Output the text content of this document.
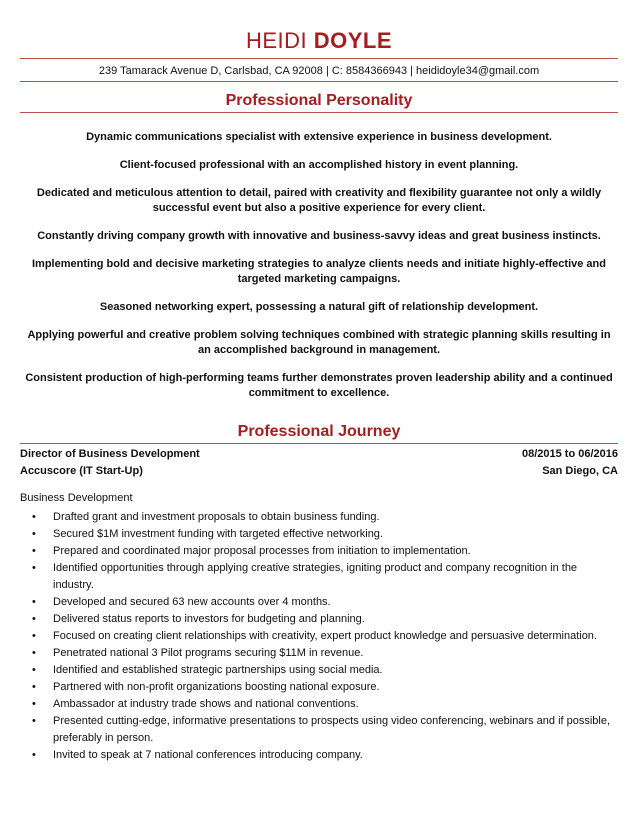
HEIDI DOYLE
239 Tamarack Avenue D, Carlsbad, CA 92008 | C: 8584366943 | heididoyle34@gmail.com
Professional Personality

Dynamic communications specialist with extensive experience in business development.

Client-focused professional with an accomplished history in event planning.

Dedicated and meticulous attention to detail, paired with creativity and flexibility guarantee not only a wildly successful event but also a positive experience for every client.

Constantly driving company growth with innovative and business-savvy ideas and great business instincts.

Implementing bold and decisive marketing strategies to analyze clients needs and initiate highly-effective and targeted marketing campaigns.

Seasoned networking expert, possessing a natural gift of relationship development.

Applying powerful and creative problem solving techniques combined with strategic planning skills resulting in an accomplished background in management.

Consistent production of high-performing teams further demonstrates proven leadership ability and a continued commitment to excellence.

Professional Journey
Director of Business Development	08/2015 to 06/2016
Accuscore (IT Start-Up)	San Diego, CA
Business Development
• Drafted grant and investment proposals to obtain business funding.
• Secured $1M investment funding with targeted effective networking.
• Prepared and coordinated major proposal processes from initiation to implementation.
• Identified opportunities through applying creative strategies, igniting product and company recognition in the industry.
• Developed and secured 63 new accounts over 4 months.
• Delivered status reports to investors for budgeting and planning.
• Focused on creating client relationships with creativity, expert product knowledge and persuasive determination.
• Penetrated national 3 Pilot programs securing $11M in revenue.
• Identified and established strategic partnerships using social media.
• Partnered with non-profit organizations boosting national exposure.
• Ambassador at industry trade shows and national conventions.
• Presented cutting-edge, informative presentations to prospects using video conferencing, webinars and if possible, preferably in person.
• Invited to speak at 7 national conferences introducing company.
